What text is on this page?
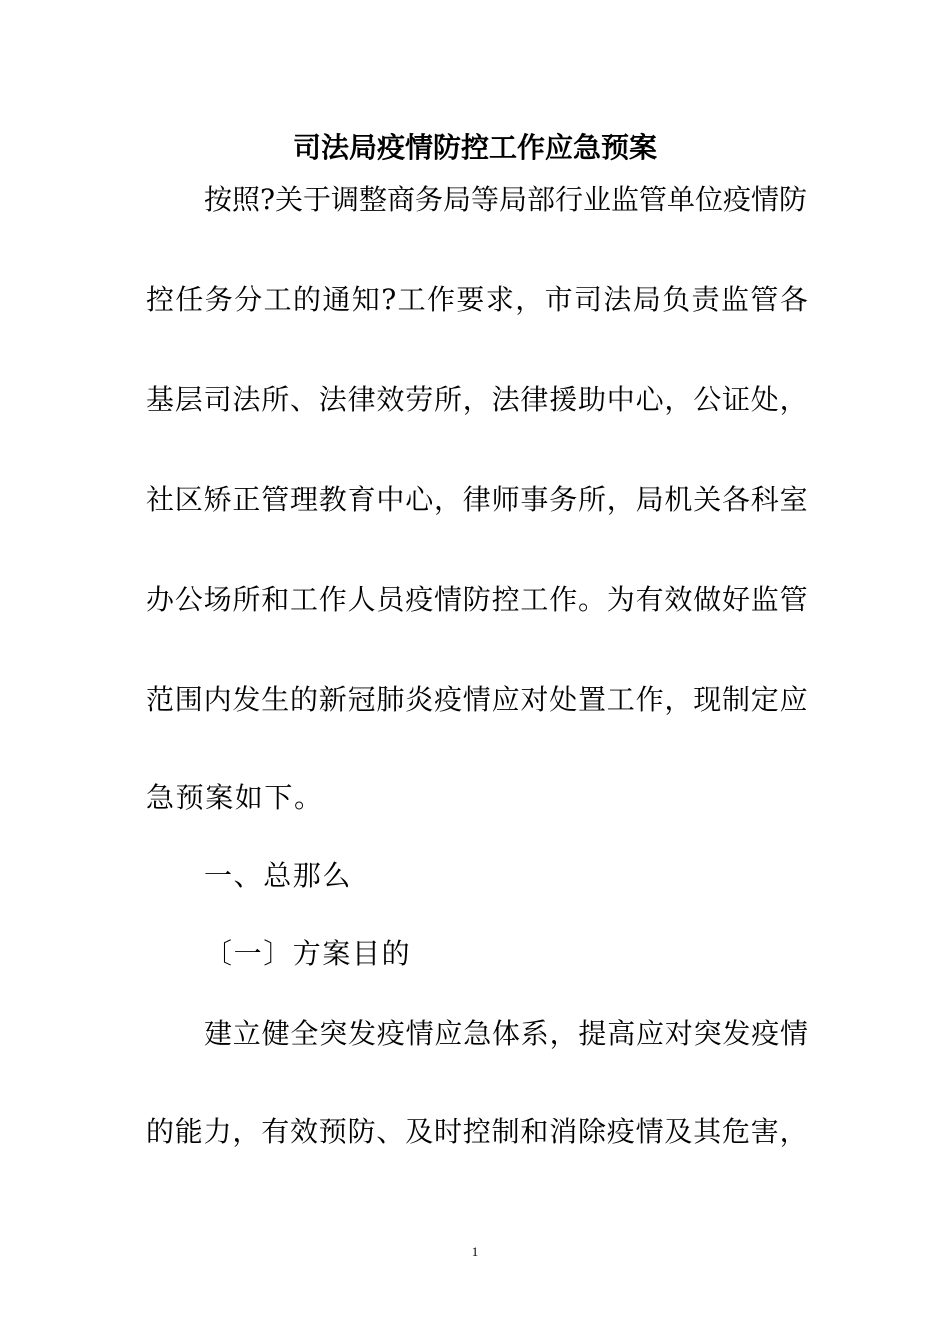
司法局疫情防控工作应急预案

按照?关于调整商务局等局部行业监管单位疫情防

控任务分工的通知?工作要求，市司法局负责监管各

基层司法所、法律效劳所，法律援助中心，公证处，

社区矫正管理教育中心，律师事务所，局机关各科室

办公场所和工作人员疫情防控工作。为有效做好监管

范围内发生的新冠肺炎疫情应对处置工作，现制定应

急预案如下。

一、总那么

〔一〕方案目的

建立健全突发疫情应急体系，提高应对突发疫情

的能力，有效预防、及时控制和消除疫情及其危害，

1
